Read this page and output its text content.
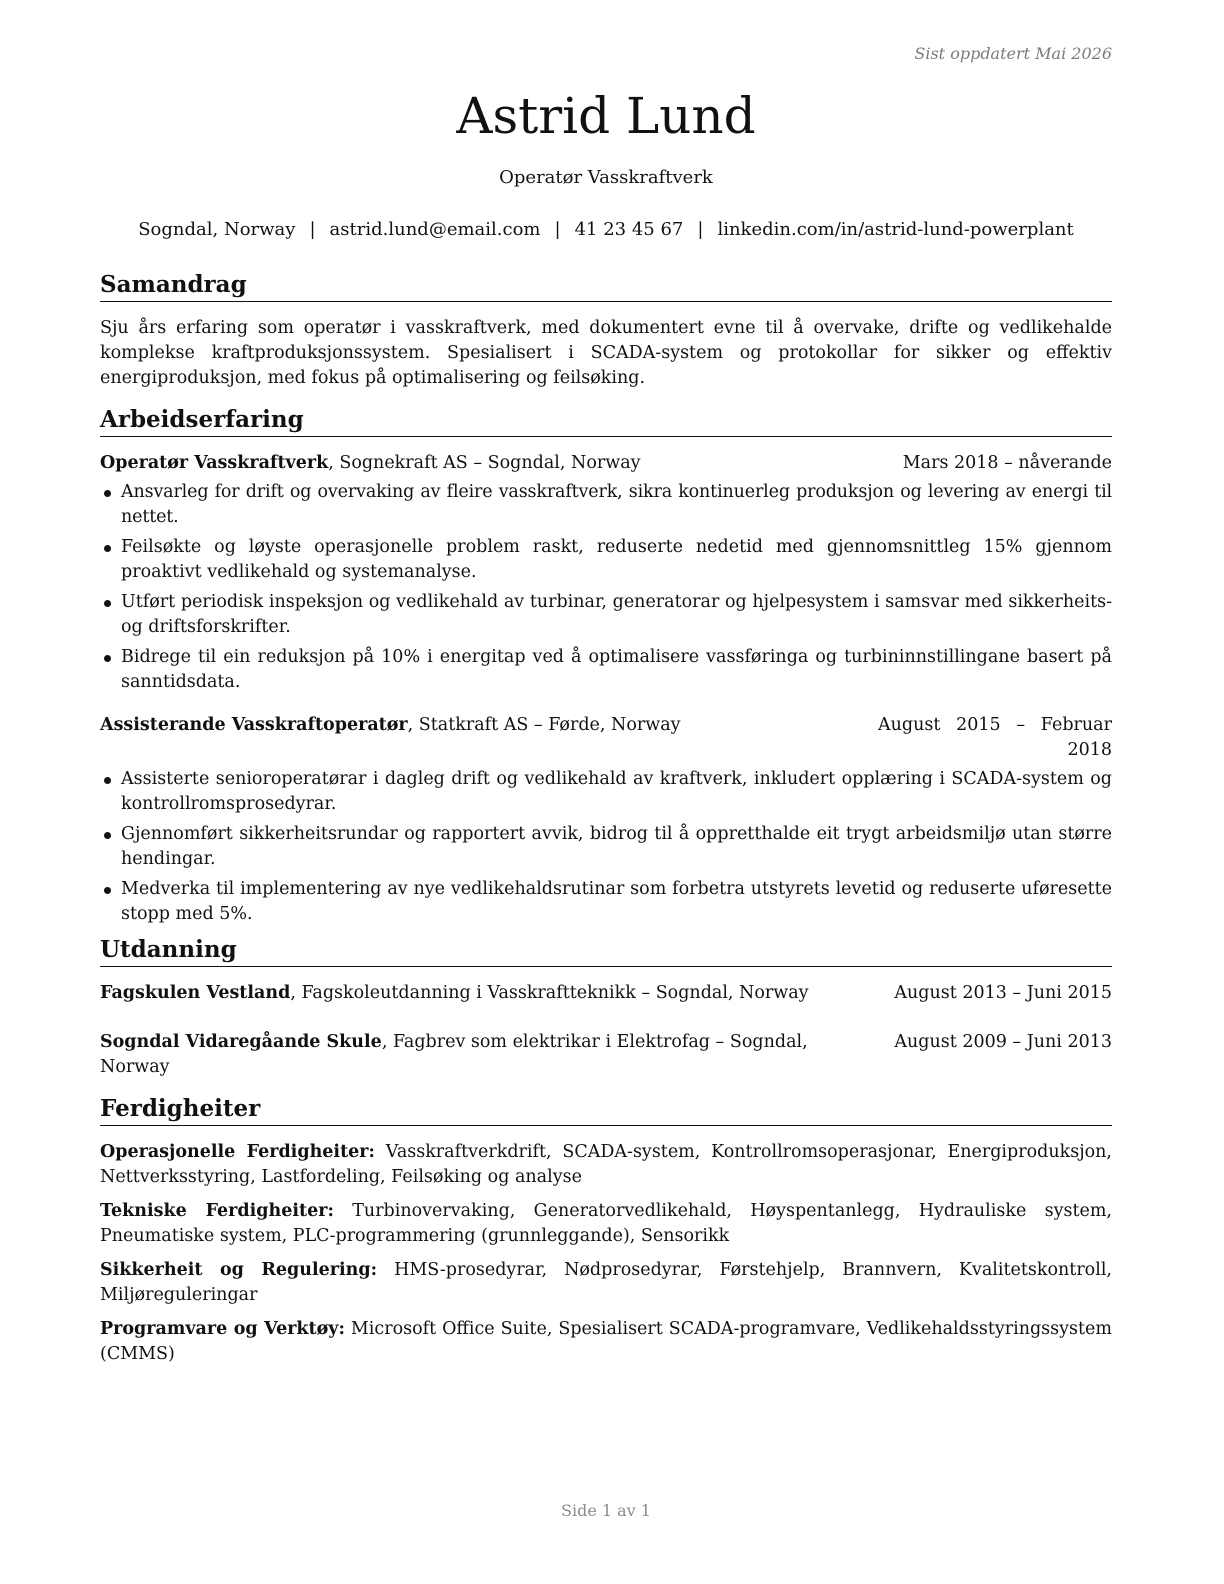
Sist oppdatert Mai 2026
Astrid Lund
Operatør Vasskraftverk
Sogndal, Norway | astrid.lund@email.com | 41 23 45 67 | linkedin.com/in/astrid-lund-powerplant
Samandrag

Sju års erfaring som operatør i vasskraftverk, med dokumentert evne til å overvake, drifte og vedlikehalde komplekse kraftproduksjonssystem. Spesialisert i SCADA-system og protokollar for sikker og effektiv energiproduksjon, med fokus på optimalisering og feilsøking.

Arbeidserfaring
Operatør Vasskraftverk, Sognekraft AS – Sogndal, Norway	Mars 2018 – nåverande
Ansvarleg for drift og overvaking av fleire vasskraftverk, sikra kontinuerleg produksjon og levering av energi til nettet.
Feilsøkte og løyste operasjonelle problem raskt, reduserte nedetid med gjennomsnittleg 15% gjennom proaktivt vedlikehald og systemanalyse.
Utført periodisk inspeksjon og vedlikehald av turbinar, generatorar og hjelpesystem i samsvar med sikkerheits- og driftsforskrifter.
Bidrege til ein reduksjon på 10% i energitap ved å optimalisere vassføringa og turbininnstillingane basert på sanntidsdata.
Assisterande Vasskraftoperatør, Statkraft AS – Førde, Norway	August 2015 – Februar 2018
Assisterte senioroperatørar i dagleg drift og vedlikehald av kraftverk, inkludert opplæring i SCADA-system og kontrollromsprosedyrar.
Gjennomført sikkerheitsrundar og rapportert avvik, bidrog til å oppretthalde eit trygt arbeidsmiljø utan større hendingar.
Medverka til implementering av nye vedlikehaldsrutinar som forbetra utstyrets levetid og reduserte uføresette stopp med 5%.
Utdanning
Fagskulen Vestland, Fagskoleutdanning i Vasskraftteknikk – Sogndal, Norway	August 2013 – Juni 2015
Sogndal Vidaregåande Skule, Fagbrev som elektrikar i Elektrofag – Sogndal, Norway
August 2009 – Juni 2013
Ferdigheiter

Operasjonelle Ferdigheiter: Vasskraftverkdrift, SCADA-system, Kontrollromsoperasjonar, Energiproduksjon, Nettverksstyring, Lastfordeling, Feilsøking og analyse

Tekniske Ferdigheiter: Turbinovervaking, Generatorvedlikehald, Høyspentanlegg, Hydrauliske system, Pneumatiske system, PLC-programmering (grunnleggande), Sensorikk

Sikkerheit og Regulering: HMS-prosedyrar, Nødprosedyrar, Førstehjelp, Brannvern, Kvalitetskontroll, Miljøreguleringar

Programvare og Verktøy: Microsoft Office Suite, Spesialisert SCADA-programvare, Vedlikehaldsstyringssystem (CMMS)

Side 1 av 1
